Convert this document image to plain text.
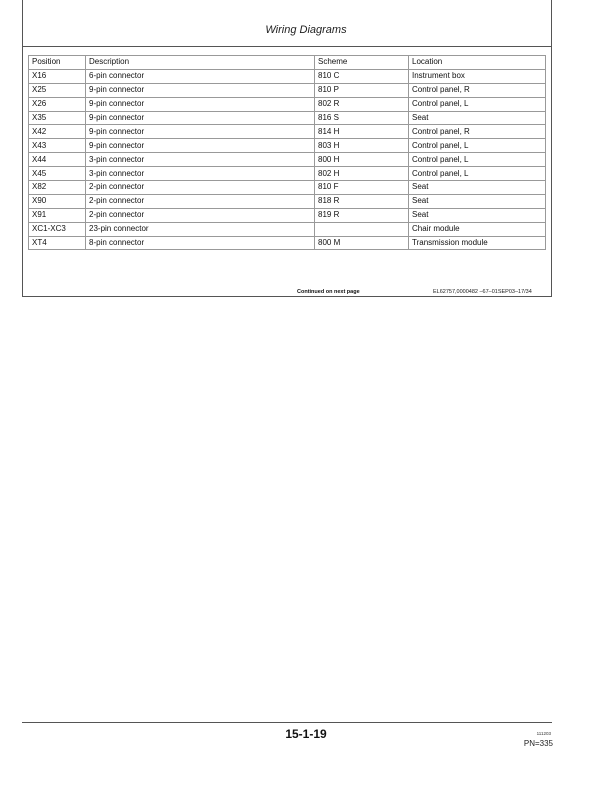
Wiring Diagrams
Position	Description	Scheme	Location
X16	6-pin connector	810 C	Instrument box
X25	9-pin connector	810 P	Control panel, R
X26	9-pin connector	802 R	Control panel, L
X35	9-pin connector	816 S	Seat
X42	9-pin connector	814 H	Control panel, R
X43	9-pin connector	803 H	Control panel, L
X44	3-pin connector	800 H	Control panel, L
X45	3-pin connector	802 H	Control panel, L
X82	2-pin connector	810 F	Seat
X90	2-pin connector	818 R	Seat
X91	2-pin connector	819 R	Seat
XC1-XC3	23-pin connector		Chair module
XT4	8-pin connector	800 M	Transmission module
Continued on next page	EL62757,0000482 –67–01SEP03–17/34
15-1-19	111203
PN=335
